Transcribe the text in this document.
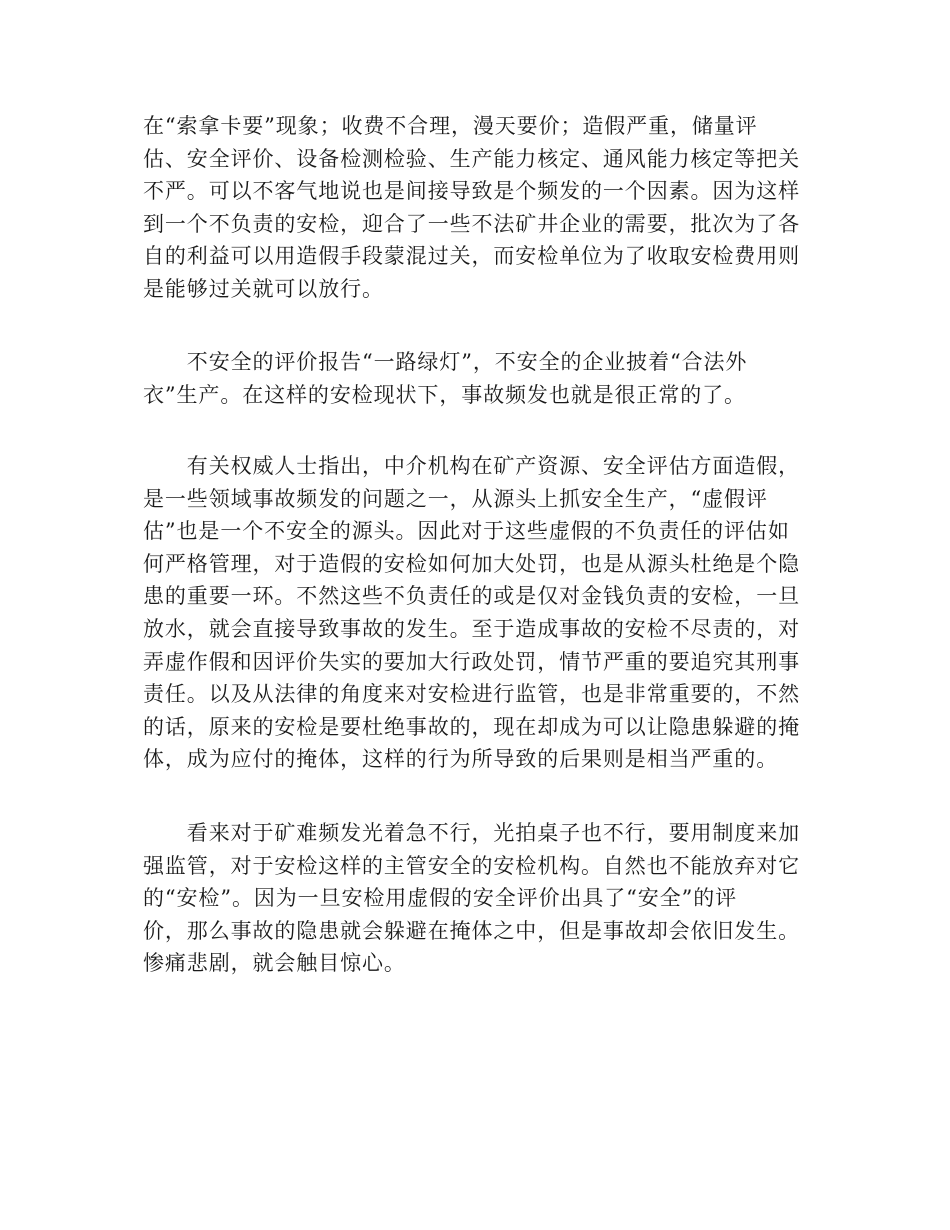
在“索拿卡要”现象；收费不合理，漫天要价；造假严重，储量评
估、安全评价、设备检测检验、生产能力核定、通风能力核定等把关
不严。可以不客气地说也是间接导致是个频发的一个因素。因为这样
到一个不负责的安检，迎合了一些不法矿井企业的需要，批次为了各
自的利益可以用造假手段蒙混过关，而安检单位为了收取安检费用则
是能够过关就可以放行。
　　不安全的评价报告“一路绿灯”，不安全的企业披着“合法外
衣”生产。在这样的安检现状下，事故频发也就是很正常的了。
　　有关权威人士指出，中介机构在矿产资源、安全评估方面造假，
是一些领域事故频发的问题之一，从源头上抓安全生产，“虚假评
估”也是一个不安全的源头。因此对于这些虚假的不负责任的评估如
何严格管理，对于造假的安检如何加大处罚，也是从源头杜绝是个隐
患的重要一环。不然这些不负责任的或是仅对金钱负责的安检，一旦
放水，就会直接导致事故的发生。至于造成事故的安检不尽责的，对
弄虚作假和因评价失实的要加大行政处罚，情节严重的要追究其刑事
责任。以及从法律的角度来对安检进行监管，也是非常重要的，不然
的话，原来的安检是要杜绝事故的，现在却成为可以让隐患躲避的掩
体，成为应付的掩体，这样的行为所导致的后果则是相当严重的。
　　看来对于矿难频发光着急不行，光拍桌子也不行，要用制度来加
强监管，对于安检这样的主管安全的安检机构。自然也不能放弃对它
的“安检”。因为一旦安检用虚假的安全评价出具了“安全”的评
价，那么事故的隐患就会躲避在掩体之中，但是事故却会依旧发生。
惨痛悲剧，就会触目惊心。
